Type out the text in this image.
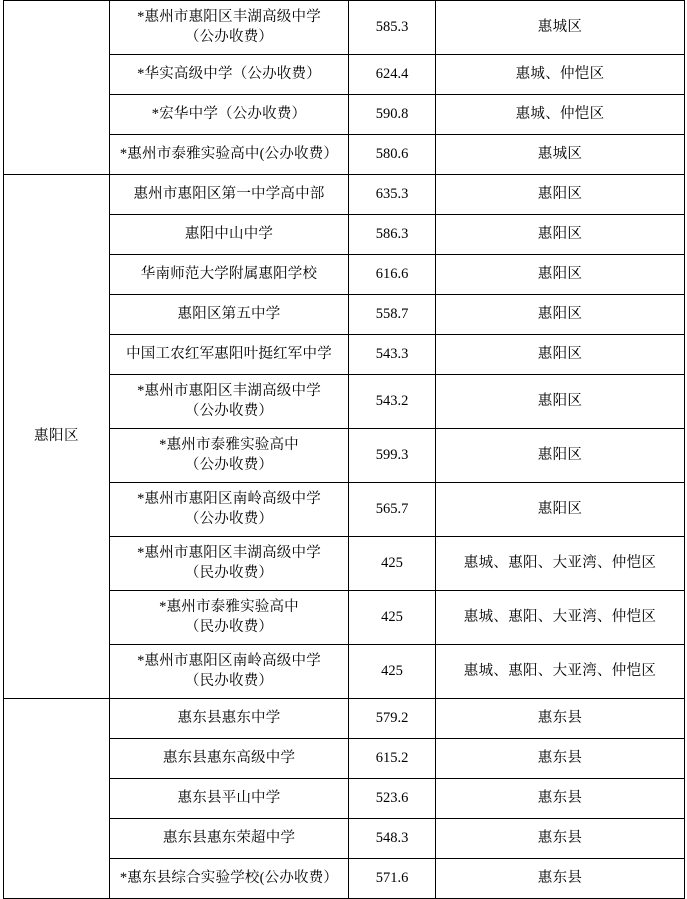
	*惠州市惠阳区丰湖高级中学
（公办收费）	585.3	惠城区

	*华实高级中学（公办收费）	624.4	惠城、仲恺区

	*宏华中学（公办收费）	590.8	惠城、仲恺区

	*惠州市泰雅实验高中(公办收费）	580.6	惠城区
惠阳区	惠州市惠阳区第一中学高中部	635.3	惠阳区

	惠阳中山中学	586.3	惠阳区

	华南师范大学附属惠阳学校	616.6	惠阳区

	惠阳区第五中学	558.7	惠阳区

	中国工农红军惠阳叶挺红军中学	543.3	惠阳区

	*惠州市惠阳区丰湖高级中学
（公办收费）	543.2	惠阳区

	*惠州市泰雅实验高中
（公办收费）	599.3	惠阳区

	*惠州市惠阳区南岭高级中学
（公办收费）	565.7	惠阳区

	*惠州市惠阳区丰湖高级中学
（民办收费）	425	惠城、惠阳、大亚湾、仲恺区

	*惠州市泰雅实验高中
（民办收费）	425	惠城、惠阳、大亚湾、仲恺区

	*惠州市惠阳区南岭高级中学
（民办收费）	425	惠城、惠阳、大亚湾、仲恺区

	惠东县惠东中学	579.2	惠东县

	惠东县惠东高级中学	615.2	惠东县

	惠东县平山中学	523.6	惠东县

	惠东县惠东荣超中学	548.3	惠东县

	*惠东县综合实验学校(公办收费）	571.6	惠东县
